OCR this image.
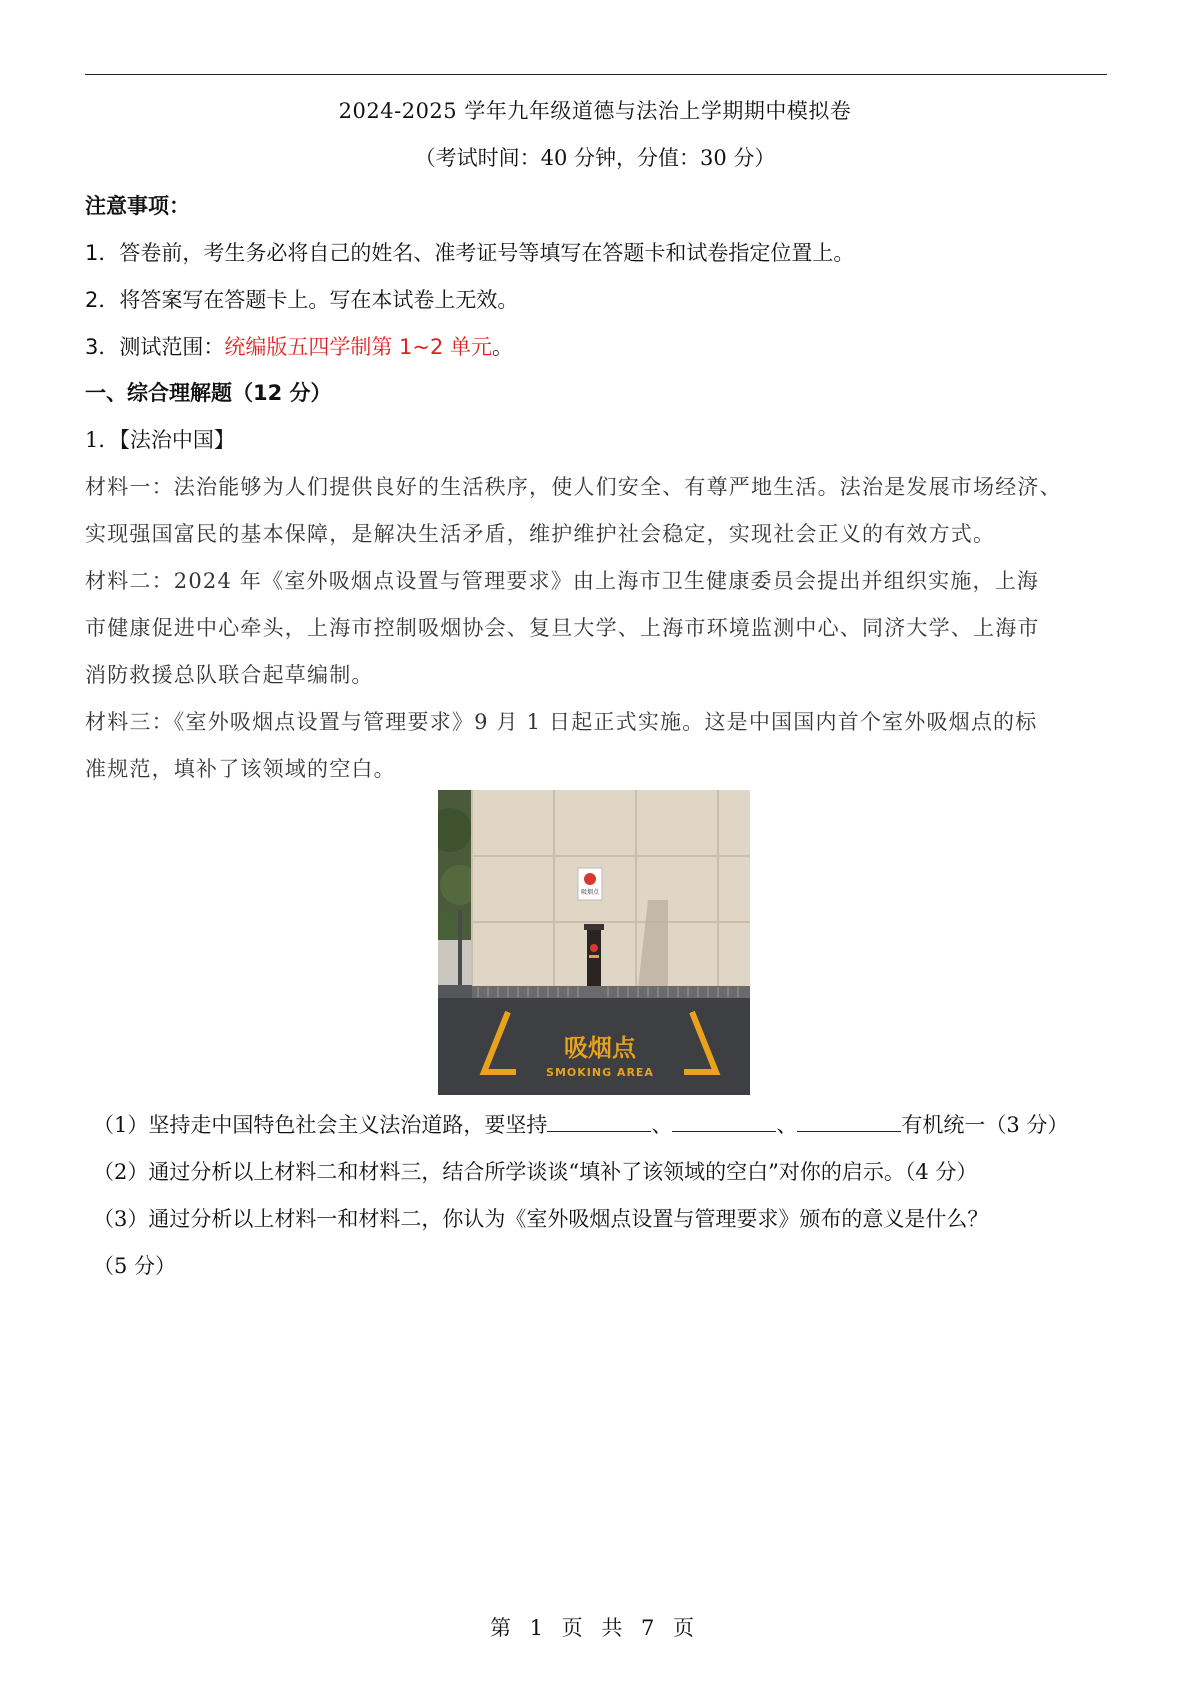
2024-2025 学年九年级道德与法治上学期期中模拟卷
（考试时间：40 分钟，分值：30 分）
注意事项：
1．答卷前，考生务必将自己的姓名、准考证号等填写在答题卡和试卷指定位置上。
2．将答案写在答题卡上。写在本试卷上无效。
3．测试范围：统编版五四学制第 1~2 单元。
一、综合理解题（12 分）
1．【法治中国】
材料一：法治能够为人们提供良好的生活秩序，使人们安全、有尊严地生活。法治是发展市场经济、
实现强国富民的基本保障，是解决生活矛盾，维护维护社会稳定，实现社会正义的有效方式。
材料二：2024 年《室外吸烟点设置与管理要求》由上海市卫生健康委员会提出并组织实施，上海
市健康促进中心牵头，上海市控制吸烟协会、复旦大学、上海市环境监测中心、同济大学、上海市
消防救援总队联合起草编制。
材料三：《室外吸烟点设置与管理要求》9 月 1 日起正式实施。这是中国国内首个室外吸烟点的标
准规范，填补了该领域的空白。
吸烟点
吸烟点
SMOKING AREA
（1）坚持走中国特色社会主义法治道路，要坚持	、	、	有机统一（3 分）
（2）通过分析以上材料二和材料三，结合所学谈谈“填补了该领域的空白”对你的启示。（4 分）
（3）通过分析以上材料一和材料二，你认为《室外吸烟点设置与管理要求》颁布的意义是什么？
（5 分）
第 1 页 共 7 页
